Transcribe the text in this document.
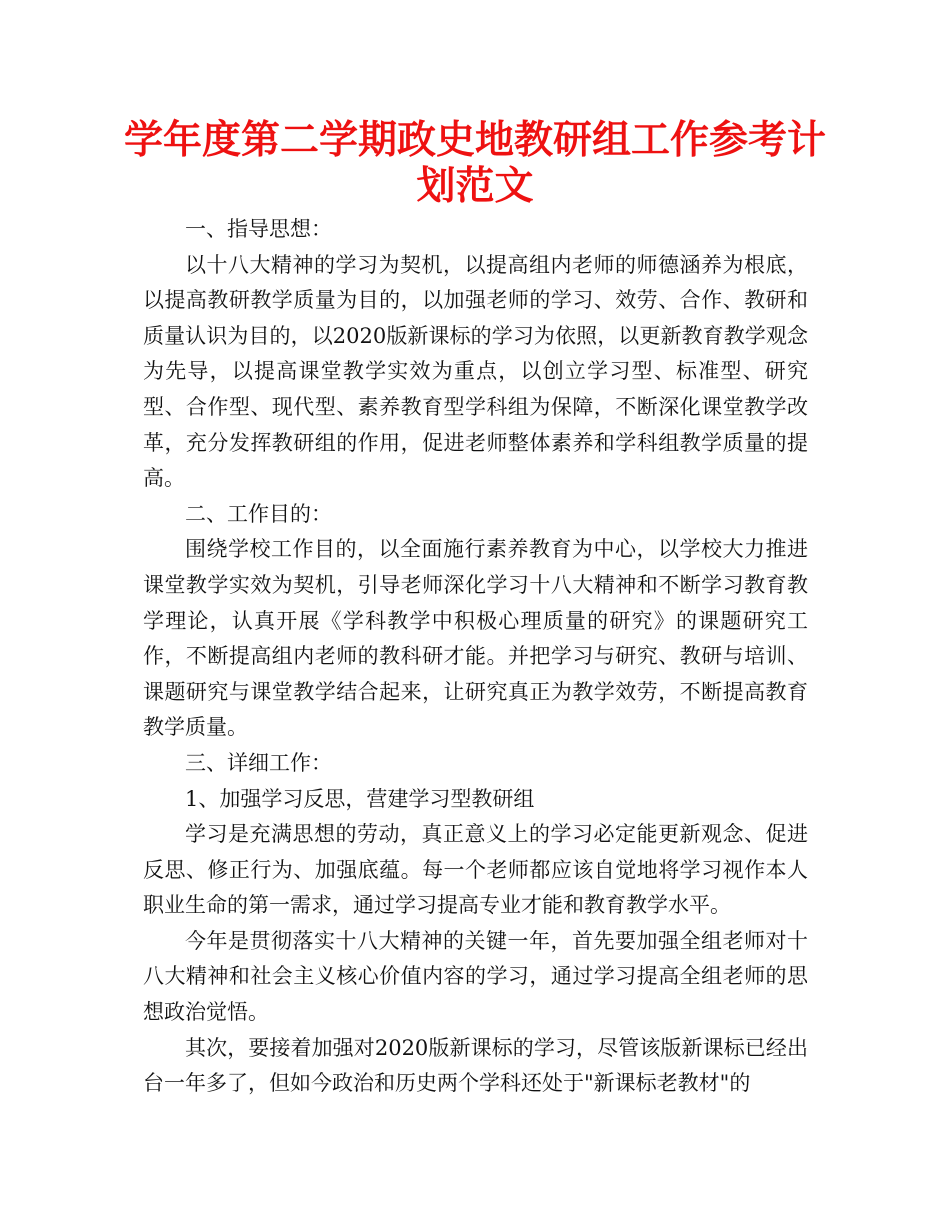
学年度第二学期政史地教研组工作参考计划范文

一、指导思想：

以十八大精神的学习为契机，以提高组内老师的师德涵养为根底，以提高教研教学质量为目的，以加强老师的学习、效劳、合作、教研和质量认识为目的，以2020版新课标的学习为依照，以更新教育教学观念为先导，以提高课堂教学实效为重点，以创立学习型、标准型、研究型、合作型、现代型、素养教育型学科组为保障，不断深化课堂教学改革，充分发挥教研组的作用，促进老师整体素养和学科组教学质量的提高。

二、工作目的：

围绕学校工作目的，以全面施行素养教育为中心，以学校大力推进课堂教学实效为契机，引导老师深化学习十八大精神和不断学习教育教学理论，认真开展《学科教学中积极心理质量的研究》的课题研究工作，不断提高组内老师的教科研才能。并把学习与研究、教研与培训、课题研究与课堂教学结合起来，让研究真正为教学效劳，不断提高教育教学质量。

三、详细工作：

1、加强学习反思，营建学习型教研组

学习是充满思想的劳动，真正意义上的学习必定能更新观念、促进反思、修正行为、加强底蕴。每一个老师都应该自觉地将学习视作本人职业生命的第一需求，通过学习提高专业才能和教育教学水平。

今年是贯彻落实十八大精神的关键一年，首先要加强全组老师对十八大精神和社会主义核心价值内容的学习，通过学习提高全组老师的思想政治觉悟。

其次，要接着加强对2020版新课标的学习，尽管该版新课标已经出台一年多了，但如今政治和历史两个学科还处于"新课标老教材"的
